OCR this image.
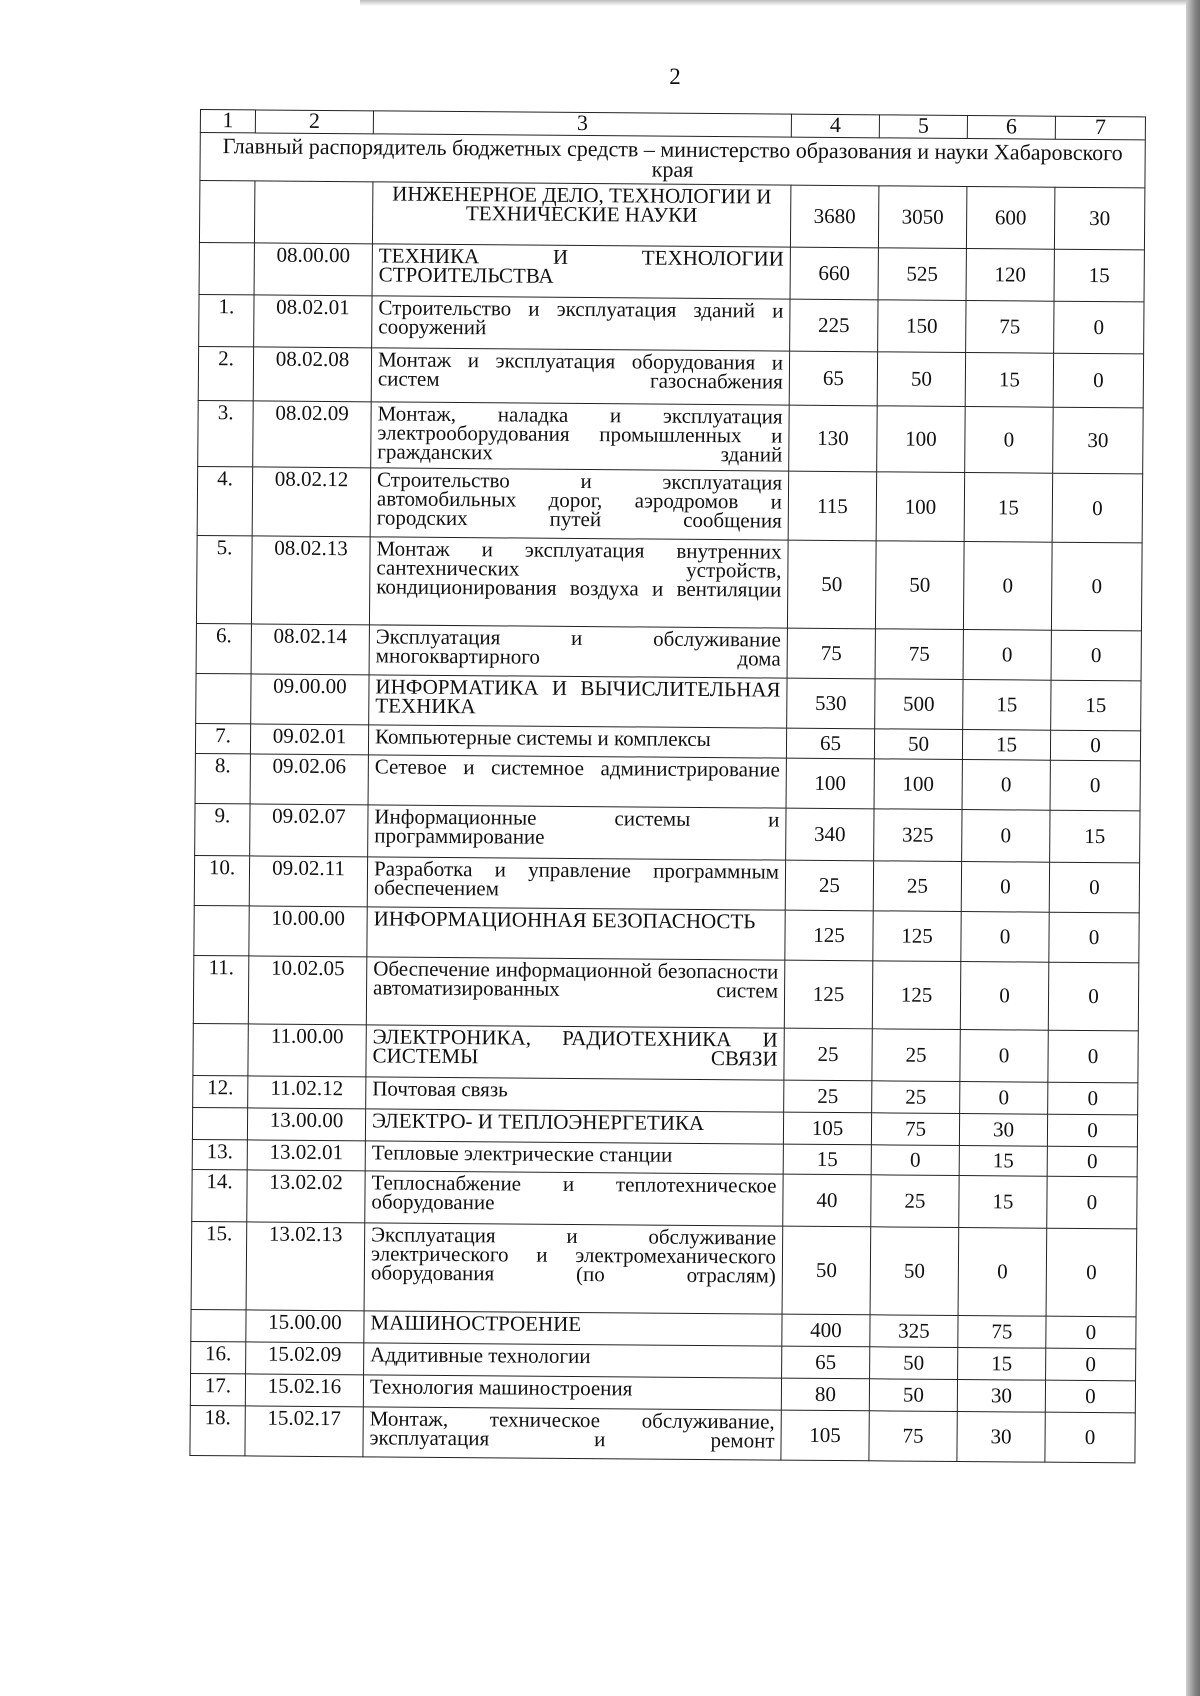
2
1	2	3	4	5	6	7
Главный распорядитель бюджетных средств – министерство образования и науки Хабаровского края						
		ИНЖЕНЕРНОЕ ДЕЛО, ТЕХНОЛОГИИ И ТЕХНИЧЕСКИЕ НАУКИ	3680	3050	600	30
	08.00.00	ТЕХНИКА И ТЕХНОЛОГИИ СТРОИТЕЛЬСТВА	660	525	120	15
1.	08.02.01	Строительство и эксплуатация зданий и сооружений	225	150	75	0
2.	08.02.08	Монтаж и эксплуатация оборудования и систем газоснабжения	65	50	15	0
3.	08.02.09	Монтаж, наладка и эксплуатация электрооборудования промышленных и гражданских зданий	130	100	0	30
4.	08.02.12	Строительство и эксплуатация автомобильных дорог, аэродромов и городских путей сообщения	115	100	15	0
5.	08.02.13	Монтаж и эксплуатация внутренних сантехнических устройств, кондиционирования воздуха и вентиляции	50	50	0	0
6.	08.02.14	Эксплуатация и обслуживание многоквартирного дома	75	75	0	0
	09.00.00	ИНФОРМАТИКА И ВЫЧИСЛИТЕЛЬНАЯ ТЕХНИКА	530	500	15	15
7.	09.02.01	Компьютерные системы и комплексы	65	50	15	0
8.	09.02.06	Сетевое и системное администрирование	100	100	0	0
9.	09.02.07	Информационные системы и программирование	340	325	0	15
10.	09.02.11	Разработка и управление программным обеспечением	25	25	0	0
	10.00.00	ИНФОРМАЦИОННАЯ БЕЗОПАСНОСТЬ	125	125	0	0
11.	10.02.05	Обеспечение информационной безопасности автоматизированных систем	125	125	0	0
	11.00.00	ЭЛЕКТРОНИКА, РАДИОТЕХНИКА И СИСТЕМЫ СВЯЗИ	25	25	0	0
12.	11.02.12	Почтовая связь	25	25	0	0
	13.00.00	ЭЛЕКТРО- И ТЕПЛОЭНЕРГЕТИКА	105	75	30	0
13.	13.02.01	Тепловые электрические станции	15	0	15	0
14.	13.02.02	Теплоснабжение и теплотехническое оборудование	40	25	15	0
15.	13.02.13	Эксплуатация и обслуживание электрического и электромеханического оборудования (по отраслям)	50	50	0	0
	15.00.00	МАШИНОСТРОЕНИЕ	400	325	75	0
16.	15.02.09	Аддитивные технологии	65	50	15	0
17.	15.02.16	Технология машиностроения	80	50	30	0
18.	15.02.17	Монтаж, техническое обслуживание, эксплуатация и ремонт	105	75	30	0
